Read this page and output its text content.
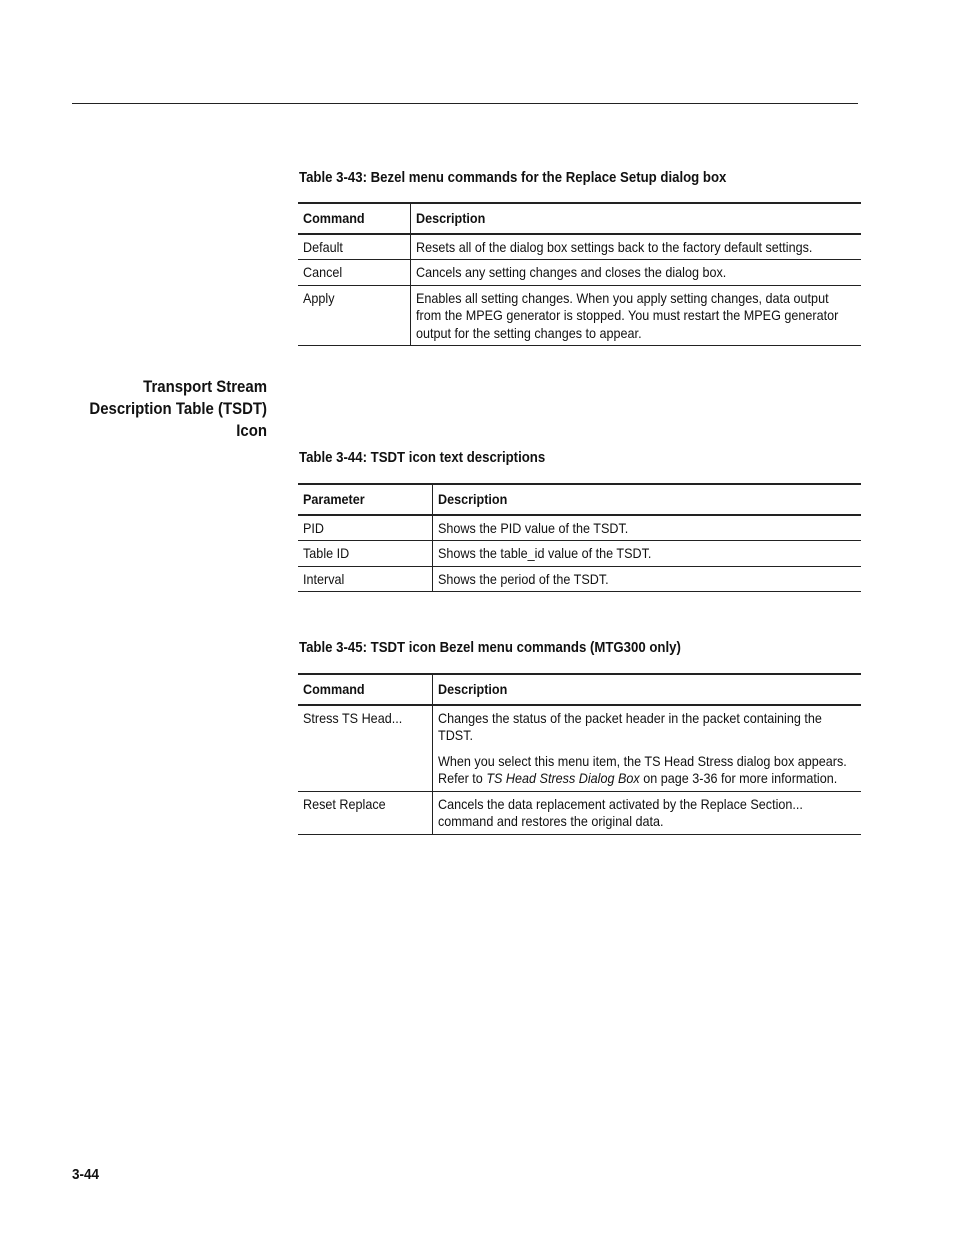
Table 3-43: Bezel menu commands for the Replace Setup dialog box
Command	Description

Default	Resets all of the dialog box settings back to the factory default settings.

Cancel	Cancels any setting changes and closes the dialog box.

Apply	Enables all setting changes. When you apply setting changes, data output from the MPEG generator is stopped. You must restart the MPEG generator output for the setting changes to appear.
Transport Stream
Description Table (TSDT)
Icon
Table 3-44: TSDT icon text descriptions
Parameter	Description

PID	Shows the PID value of the TSDT.

Table ID	Shows the table_id value of the TSDT.

Interval	Shows the period of the TSDT.
Table 3-45: TSDT icon Bezel menu commands (MTG300 only)
Command	Description

Stress TS Head...	Changes the status of the packet header in the packet containing the TDST.
When you select this menu item, the TS Head Stress dialog box appears. Refer to TS Head Stress Dialog Box on page 3-36 for more information.

Reset Replace	Cancels the data replacement activated by the Replace Section... command and restores the original data.
3-44
